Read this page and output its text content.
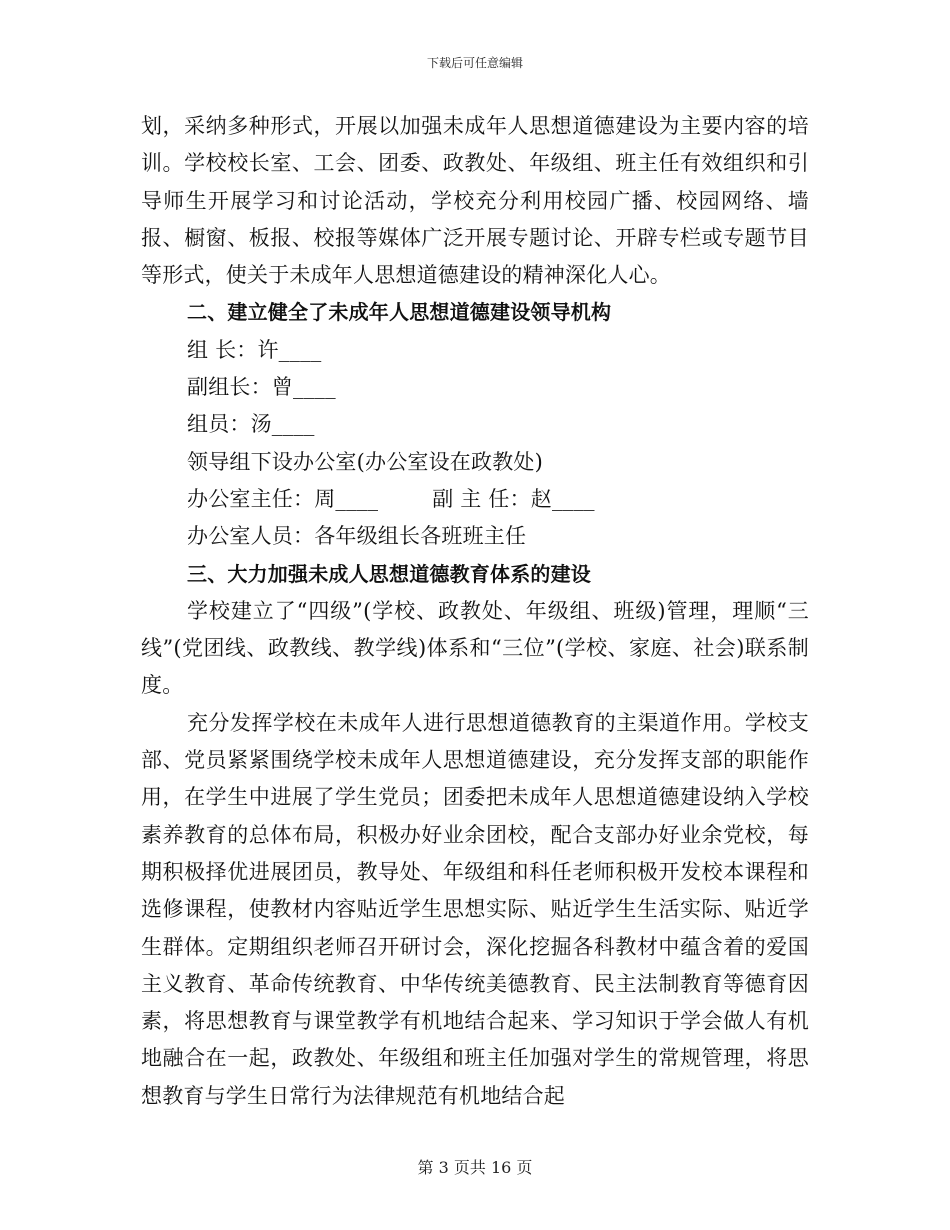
下载后可任意编辑

划，采纳多种形式，开展以加强未成年人思想道德建设为主要内容的培训。学校校长室、工会、团委、政教处、年级组、班主任有效组织和引导师生开展学习和讨论活动，学校充分利用校园广播、校园网络、墙报、橱窗、板报、校报等媒体广泛开展专题讨论、开辟专栏或专题节目等形式，使关于未成年人思想道德建设的精神深化人心。

二、建立健全了未成年人思想道德建设领导机构

组 长：许____

副组长：曾____

组员：汤____

领导组下设办公室(办公室设在政教处)

办公室主任：周____	副 主 任：赵____

办公室人员：各年级组长各班班主任

三、大力加强未成人思想道德教育体系的建设

学校建立了“四级”(学校、政教处、年级组、班级)管理，理顺“三线”(党团线、政教线、教学线)体系和“三位”(学校、家庭、社会)联系制度。

充分发挥学校在未成年人进行思想道德教育的主渠道作用。学校支部、党员紧紧围绕学校未成年人思想道德建设，充分发挥支部的职能作用，在学生中进展了学生党员；团委把未成年人思想道德建设纳入学校素养教育的总体布局，积极办好业余团校，配合支部办好业余党校，每期积极择优进展团员，教导处、年级组和科任老师积极开发校本课程和选修课程，使教材内容贴近学生思想实际、贴近学生生活实际、贴近学生群体。定期组织老师召开研讨会，深化挖掘各科教材中蕴含着的爱国主义教育、革命传统教育、中华传统美德教育、民主法制教育等德育因素，将思想教育与课堂教学有机地结合起来、学习知识于学会做人有机地融合在一起，政教处、年级组和班主任加强对学生的常规管理，将思想教育与学生日常行为法律规范有机地结合起

第 3 页共 16 页
